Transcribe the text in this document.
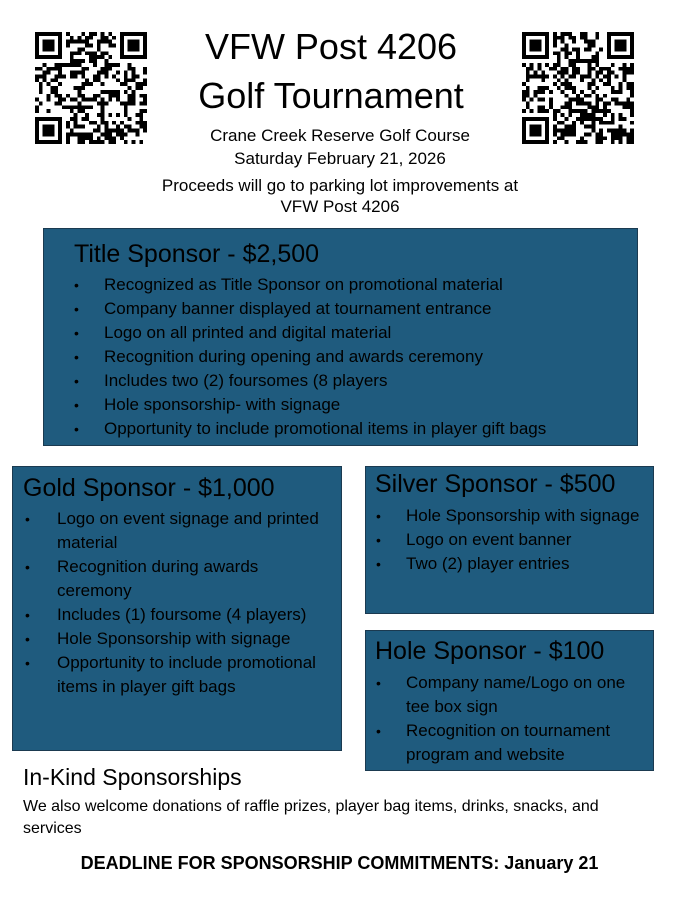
VFW Post 4206
Golf Tournament
Crane Creek Reserve Golf Course
Saturday February 21, 2026
Proceeds will go to parking lot improvements at
VFW Post 4206
Title Sponsor - $2,500
• Recognized as Title Sponsor on promotional material
• Company banner displayed at tournament entrance
• Logo on all printed and digital material
• Recognition during opening and awards ceremony
• Includes two (2) foursomes (8 players
• Hole sponsorship- with signage
• Opportunity to include promotional items in player gift bags
Gold Sponsor - $1,000
• Logo on event signage and printed material
• Recognition during awards ceremony
• Includes (1) foursome (4 players)
• Hole Sponsorship with signage
• Opportunity to include promotional items in player gift bags
Silver Sponsor - $500
• Hole Sponsorship with signage
• Logo on event banner
• Two (2) player entries
Hole Sponsor - $100
• Company name/Logo on one tee box sign
• Recognition on tournament program and website
In-Kind Sponsorships
We also welcome donations of raffle prizes, player bag items, drinks, snacks, and services
DEADLINE FOR SPONSORSHIP COMMITMENTS: January 21
